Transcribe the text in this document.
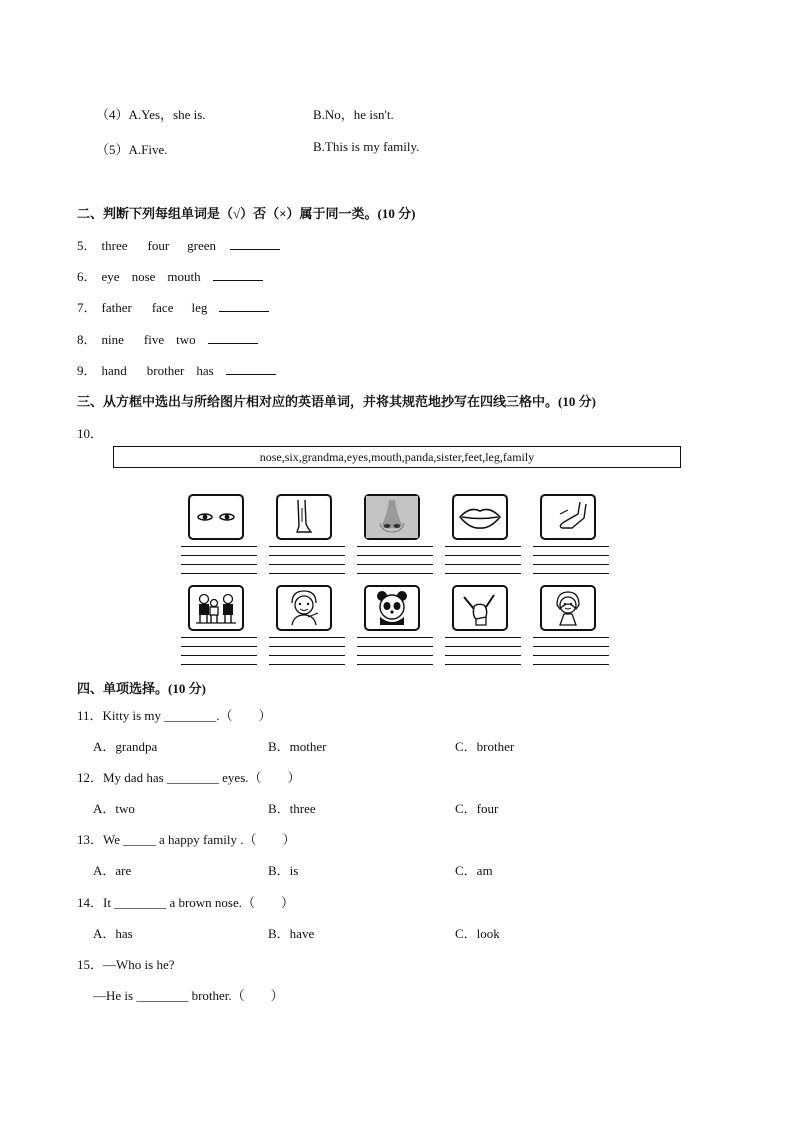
（4）A.Yes，she is.	B.No，he isn't.
（5）A.Five.	B.This is my family.
二、判断下列每组单词是（√）否（×）属于同一类。(10 分)
5． three four green
6． eye nose mouth
7． father face leg
8． nine five two
9． hand brother has
三、从方框中选出与所给图片相对应的英语单词，并将其规范地抄写在四线三格中。(10 分)
10．
nose,six,grandma,eyes,mouth,panda,sister,feet,leg,family
四、单项选择。(10 分)
11．Kitty is my ________.（　　）
A．grandpa	B．mother	C．brother
12．My dad has ________ eyes.（　　）
A．two	B．three	C．four
13．We _____ a happy family .（　　）
A．are	B．is	C．am
14．It ________ a brown nose.（　　）
A．has	B．have	C．look
15．—Who is he?
—He is ________ brother.（　　）
